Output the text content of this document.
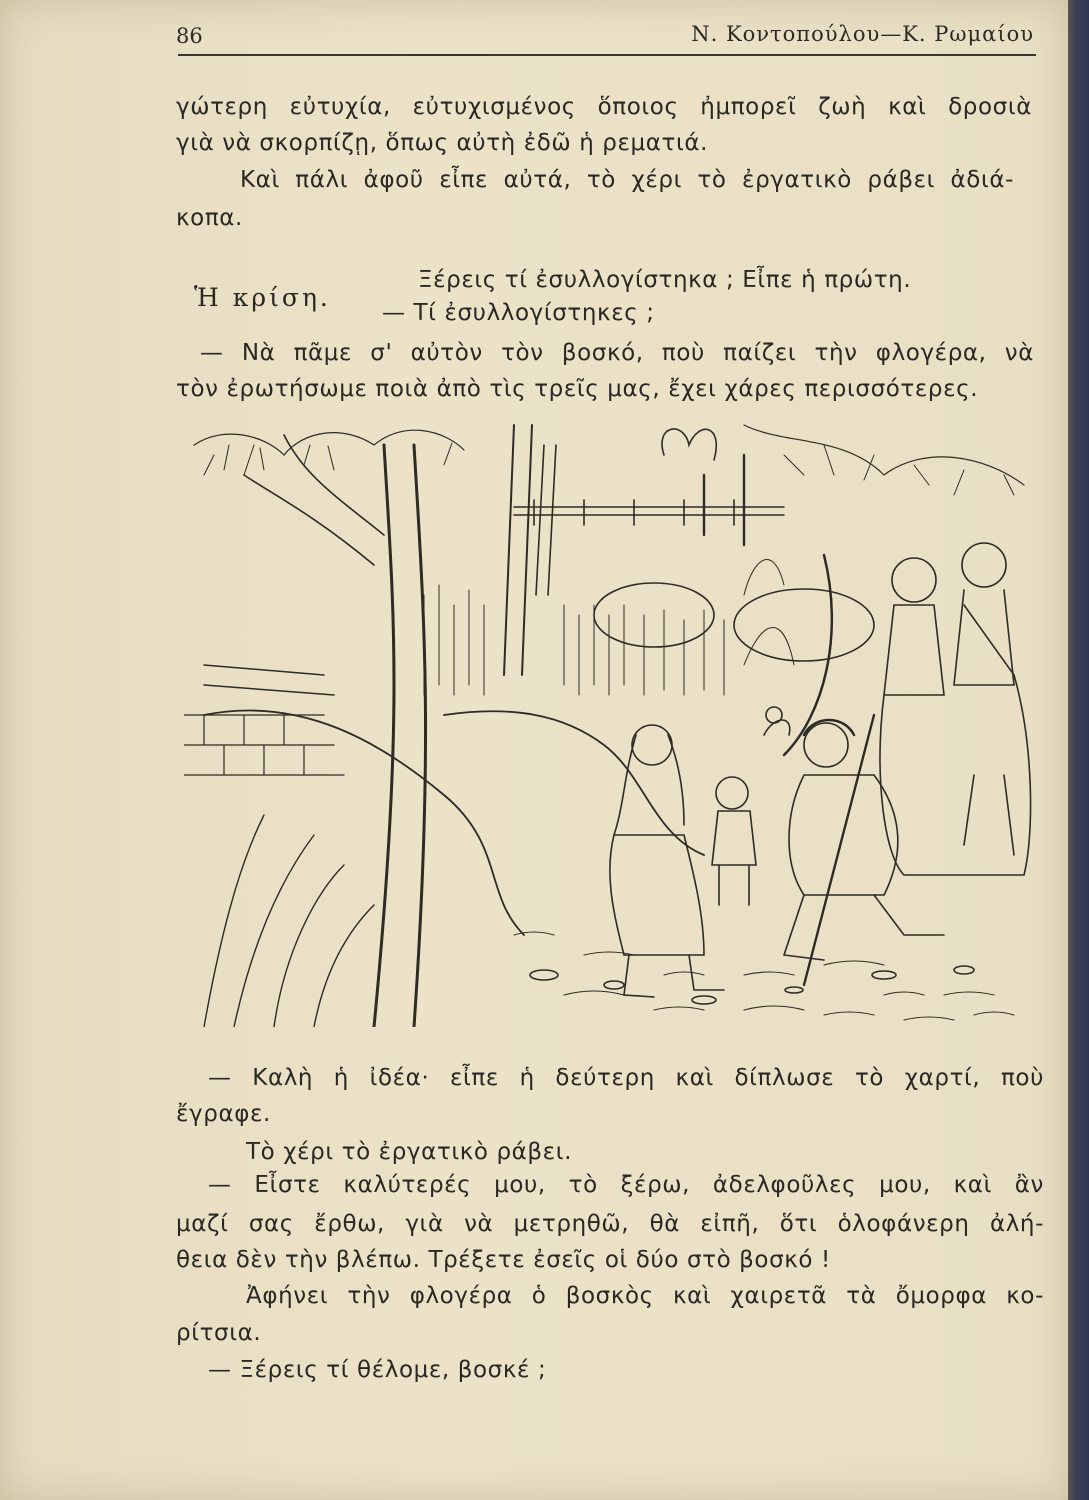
86	Ν. Κοντοπούλου—Κ. Ρωμαίου
γώτερη εὐτυχία, εὐτυχισμένος ὅποιος ἠμπορεῖ ζωὴ καὶ δροσιὰ
γιὰ νὰ σκορπίζῃ, ὅπως αὐτὴ ἐδῶ ἡ ρεματιά.
Καὶ πάλι ἀφοῦ εἶπε αὐτά, τὸ χέρι τὸ ἐργατικὸ ράβει ἀδιά-
κοπα.
Ἡ κρίση.
Ξέρεις τί ἐσυλλογίστηκα ; Εἶπε ἡ πρώτη.
— Τί ἐσυλλογίστηκες ;
— Νὰ πᾶμε σ' αὐτὸν τὸν βοσκό, ποὺ παίζει τὴν φλογέρα, νὰ
τὸν ἐρωτήσωμε ποιὰ ἀπὸ τὶς τρεῖς μας, ἔχει χάρες περισσότερες.
— Καλὴ ἡ ἰδέα· εἶπε ἡ δεύτερη καὶ δίπλωσε τὸ χαρτί, ποὺ
ἔγραφε.
Τὸ χέρι τὸ ἐργατικὸ ράβει.
— Εἶστε καλύτερές μου, τὸ ξέρω, ἀδελφοῦλες μου, καὶ ἂν
μαζί σας ἔρθω, γιὰ νὰ μετρηθῶ, θὰ εἰπῆ, ὅτι ὁλοφάνερη ἀλή-
θεια δὲν τὴν βλέπω. Τρέξετε ἐσεῖς οἱ δύο στὸ βοσκό !
Ἀφήνει τὴν φλογέρα ὁ βοσκὸς καὶ χαιρετᾶ τὰ ὄμορφα κο-
ρίτσια.
— Ξέρεις τί θέλομε, βοσκέ ;
